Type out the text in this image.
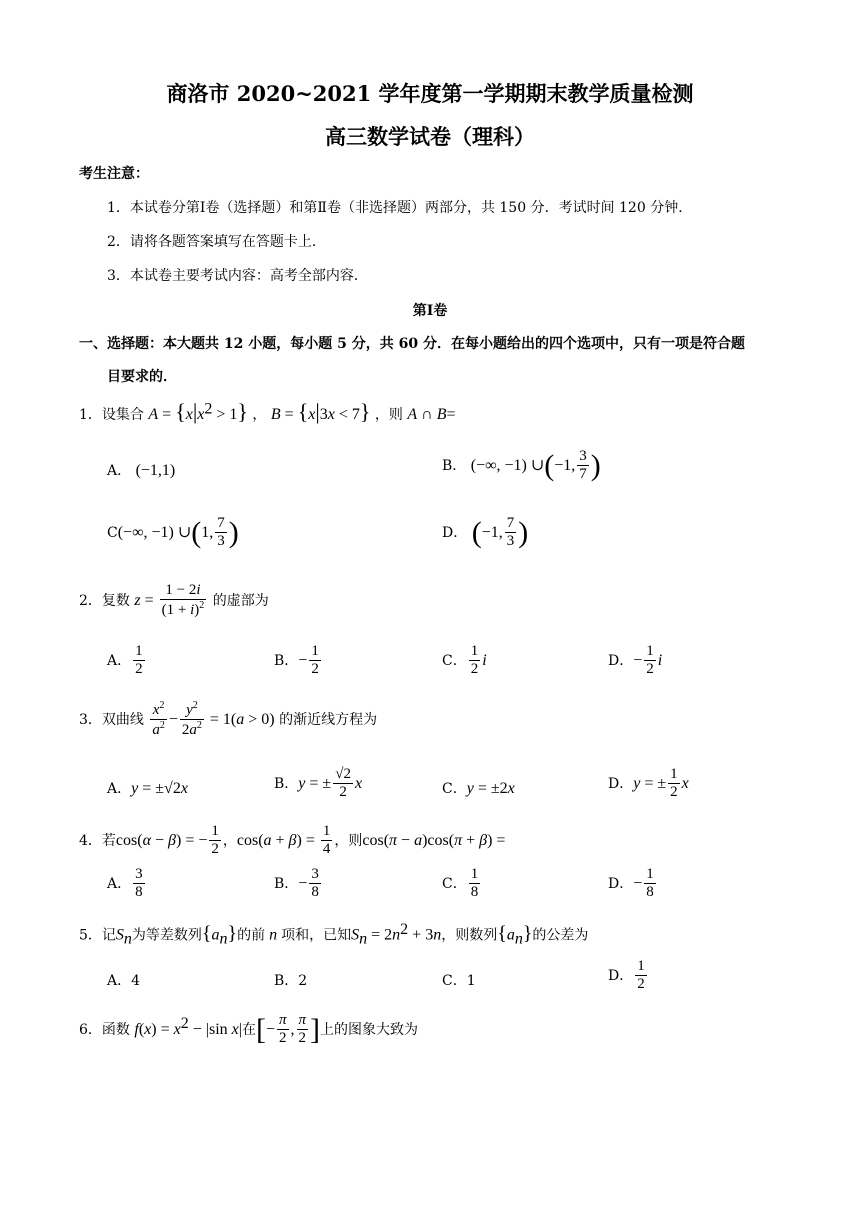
商洛市 2020~2021 学年度第一学期期末教学质量检测
高三数学试卷（理科）
考生注意：
1．本试卷分第Ⅰ卷（选择题）和第Ⅱ卷（非选择题）两部分，共 150 分．考试时间 120 分钟．
2．请将各题答案填写在答题卡上．
3．本试卷主要考试内容：高考全部内容．
第Ⅰ卷
一、选择题：本大题共 12 小题，每小题 5 分，共 60 分．在每小题给出的四个选项中，只有一项是符合题
目要求的．
1．设集合 $A = \{x|x^2 > 1\}$ ， B = {x|3x < 7} ，则 A ∩ B=
A． (−1,1)	B． (−∞, −1) ∪(−1, $\frac{3}{7}$ )
C(−∞, −1) ∪(1, $\frac{7}{3}$ )	D． (−1, $\frac{7}{3}$ )
2．复数 $z = \frac{1 - 2i}{(1 + i)^2}$ 的虚部为
A． $\frac{1}{2}$	B．− $\frac{1}{2}$	C． $\frac{1}{2}$ i	D．− $\frac{1}{2}$ i
3．双曲线 $\frac{x^2}{a^2} - \frac{y^2}{2a^2} = 1(a > 0)$ 的渐近线方程为
A．y = ±√2x	B．y = ± $\frac{√2}{2}$ x	C．y = ±2x	D．y = ± $\frac{1}{2}$ x
4．若cos(α − β) = − $\frac{1}{2}$ ，$\cos(a + \beta) = \frac{1}{4}$ ，则cos(π − a)cos(π + β) =
A． $\frac{3}{8}$	B．− $\frac{3}{8}$	C． $\frac{1}{8}$	D．− $\frac{1}{8}$
5．记$S_n$为等差数列$\{a_n\}$的前 n 项和，已知$S_n = 2n^2 + 3n$，则数列$\{a_n\}$的公差为
A．4	B．2	C．1	D． $\frac{1}{2}$
6．函数 $f(x) = x^2 - |\sin$ x|在[− $\frac{\pi}{2}$ , $\frac{\pi}{2}$ ]上的图象大致为
